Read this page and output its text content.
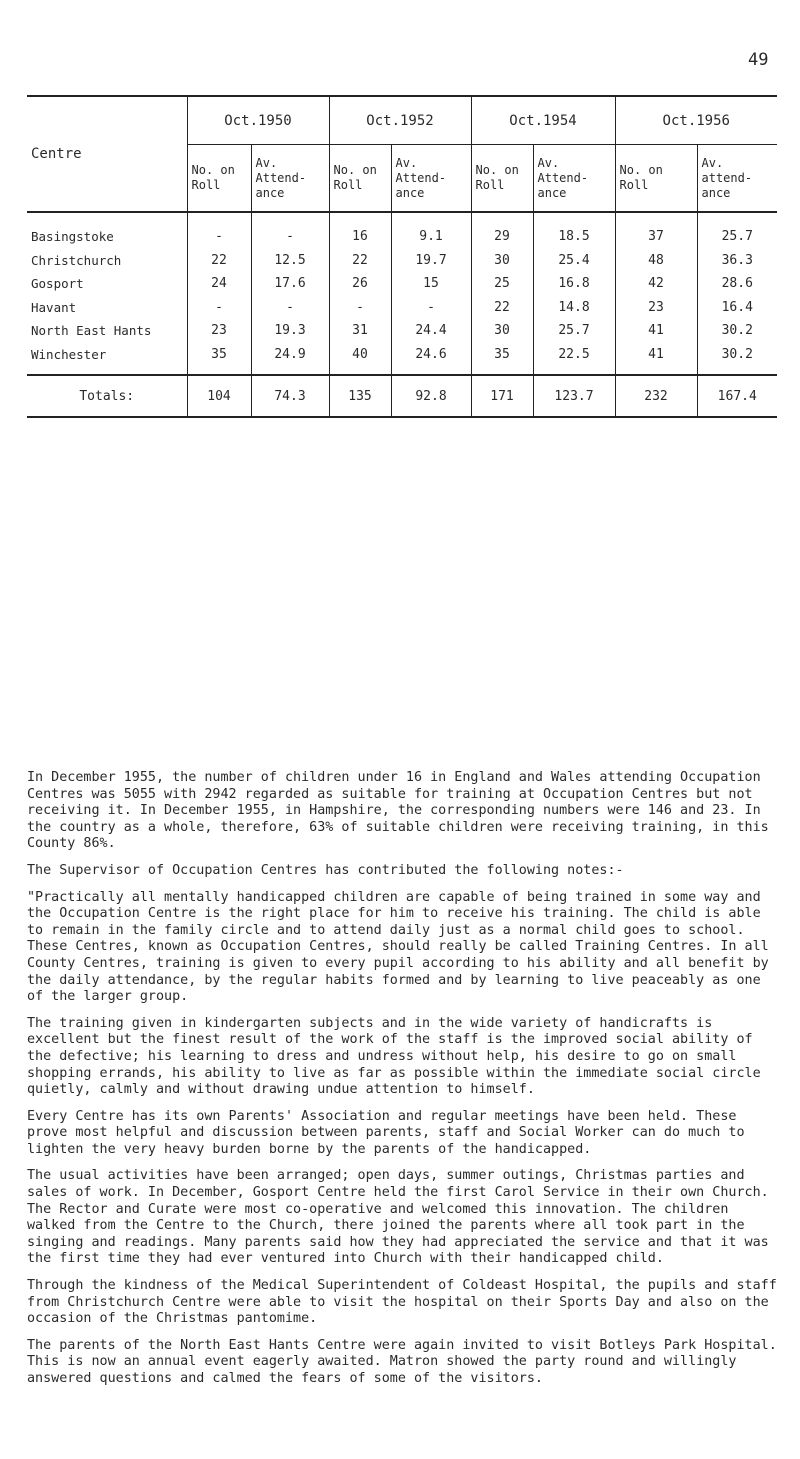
49
Centre	Oct.1950		Oct.1952		Oct.1954		Oct.1956	
	No. on Roll	Av. Attend-ance	No. on Roll	Av. Attend-ance	No. on Roll	Av. Attend-ance	No. on Roll	Av. attend-ance
Basingstoke	-	-	16	9.1	29	18.5	37	25.7
Christchurch	22	12.5	22	19.7	30	25.4	48	36.3
Gosport	24	17.6	26	15	25	16.8	42	28.6
Havant	-	-	-	-	22	14.8	23	16.4
North East Hants	23	19.3	31	24.4	30	25.7	41	30.2
Winchester	35	24.9	40	24.6	35	22.5	41	30.2
Totals:	104	74.3	135	92.8	171	123.7	232	167.4

In December 1955, the number of children under 16 in England and Wales attending Occupation Centres was 5055 with 2942 regarded as suitable for training at Occupation Centres but not receiving it. In December 1955, in Hampshire, the corresponding numbers were 146 and 23. In the country as a whole, therefore, 63% of suitable children were receiving training, in this County 86%.

The Supervisor of Occupation Centres has contributed the following notes:-

"Practically all mentally handicapped children are capable of being trained in some way and the Occupation Centre is the right place for him to receive his training. The child is able to remain in the family circle and to attend daily just as a normal child goes to school. These Centres, known as Occupation Centres, should really be called Training Centres. In all County Centres, training is given to every pupil according to his ability and all benefit by the daily attendance, by the regular habits formed and by learning to live peaceably as one of the larger group.

The training given in kindergarten subjects and in the wide variety of handicrafts is excellent but the finest result of the work of the staff is the improved social ability of the defective; his learning to dress and undress without help, his desire to go on small shopping errands, his ability to live as far as possible within the immediate social circle quietly, calmly and without drawing undue attention to himself.

Every Centre has its own Parents' Association and regular meetings have been held. These prove most helpful and discussion between parents, staff and Social Worker can do much to lighten the very heavy burden borne by the parents of the handicapped.

The usual activities have been arranged; open days, summer outings, Christmas parties and sales of work. In December, Gosport Centre held the first Carol Service in their own Church. The Rector and Curate were most co-operative and welcomed this innovation. The children walked from the Centre to the Church, there joined the parents where all took part in the singing and readings. Many parents said how they had appreciated the service and that it was the first time they had ever ventured into Church with their handicapped child.

Through the kindness of the Medical Superintendent of Coldeast Hospital, the pupils and staff from Christchurch Centre were able to visit the hospital on their Sports Day and also on the occasion of the Christmas pantomime.

The parents of the North East Hants Centre were again invited to visit Botleys Park Hospital. This is now an annual event eagerly awaited. Matron showed the party round and willingly answered questions and calmed the fears of some of the visitors.
